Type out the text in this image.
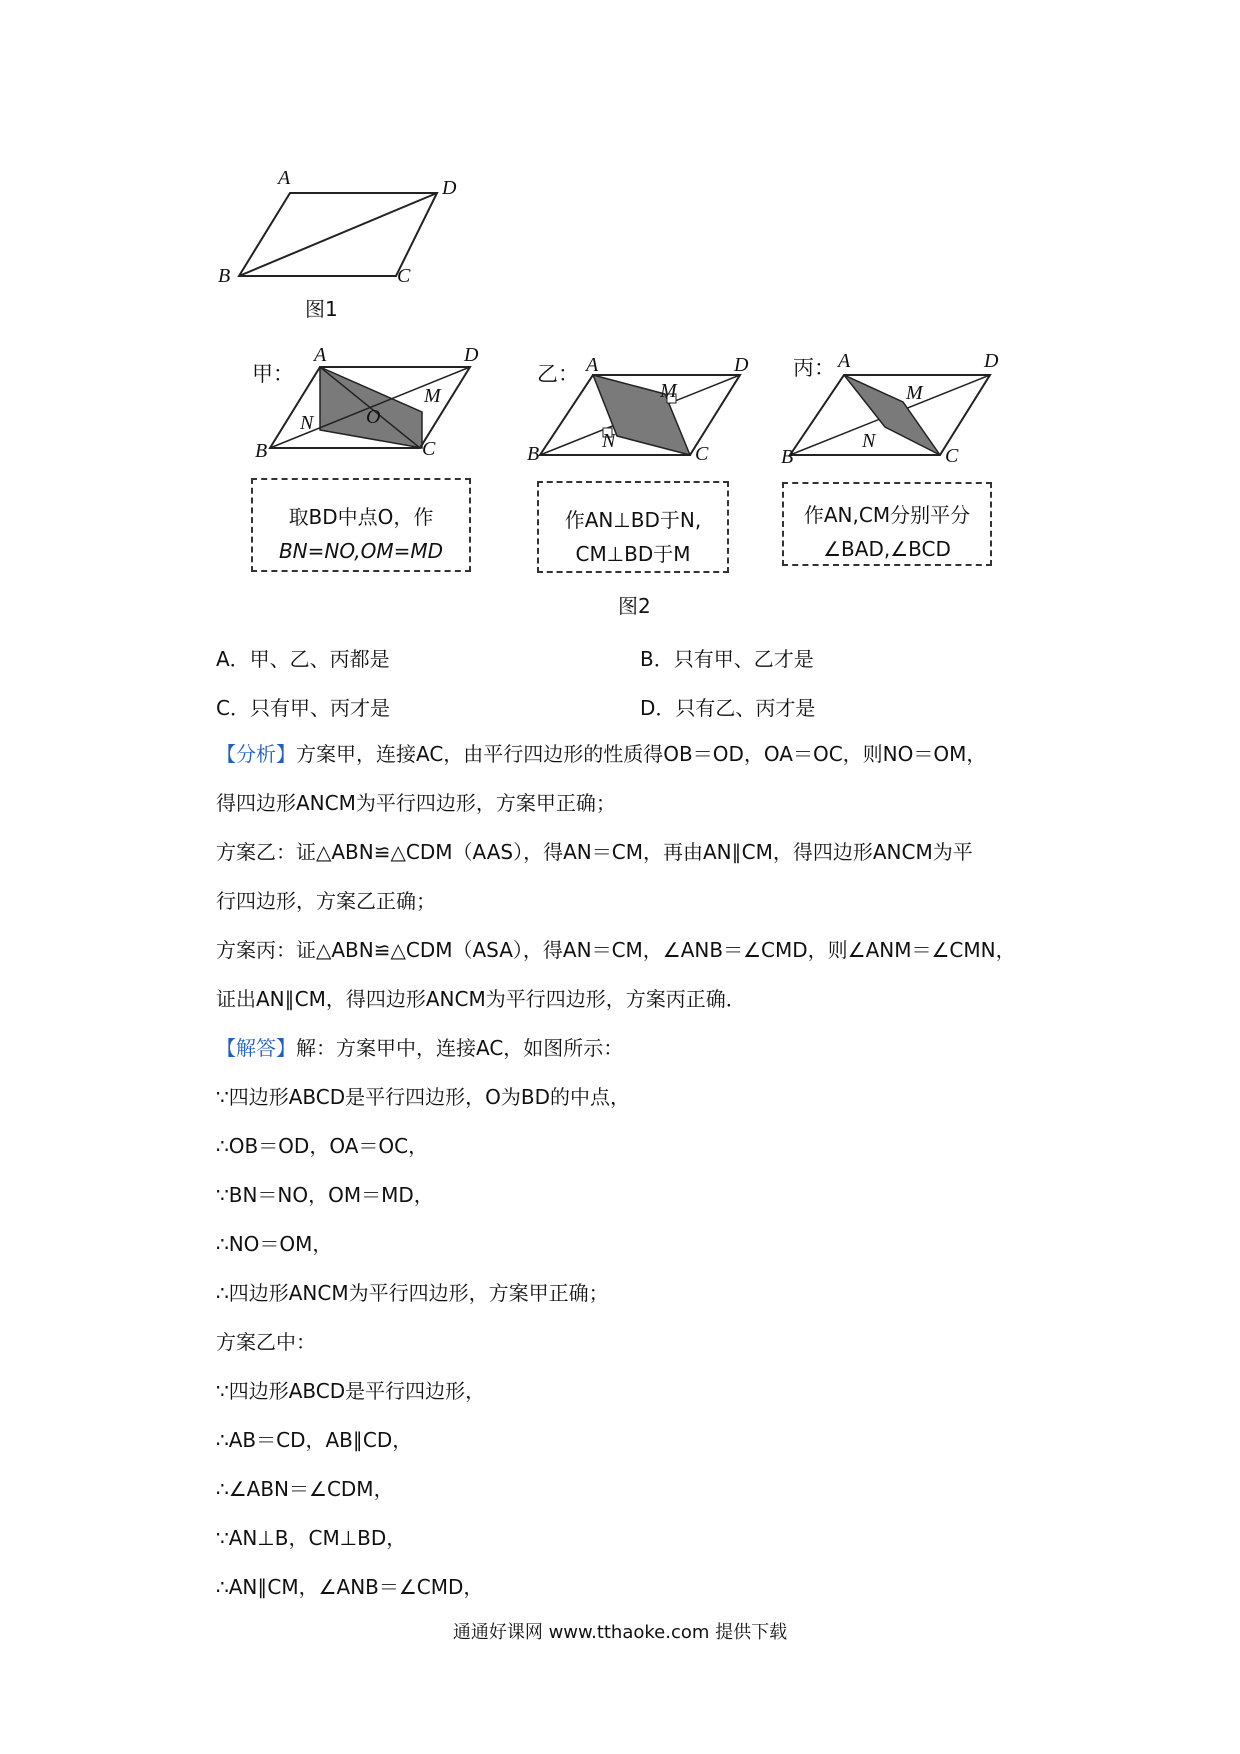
A	D
B	C
图1
甲：
A	D
M
N	O
B	C
乙： A	D
M
N
B	C
丙： A	D
M
N
B	C
取BD中点O，作
BN=NO,OM=MD
作AN⊥BD于N,
CM⊥BD于M
作AN,CM分别平分
∠BAD,∠BCD
图2
A．甲、乙、丙都是	B．只有甲、乙才是
C．只有甲、丙才是	D．只有乙、丙才是
【分析】方案甲，连接AC，由平行四边形的性质得OB＝OD，OA＝OC，则NO＝OM，
得四边形ANCM为平行四边形，方案甲正确；
方案乙：证△ABN≌△CDM（AAS），得AN＝CM，再由AN∥CM，得四边形ANCM为平
行四边形，方案乙正确；
方案丙：证△ABN≌△CDM（ASA），得AN＝CM，∠ANB＝∠CMD，则∠ANM＝∠CMN，
证出AN∥CM，得四边形ANCM为平行四边形，方案丙正确．
【解答】解：方案甲中，连接AC，如图所示：
∵四边形ABCD是平行四边形，O为BD的中点，
∴OB＝OD，OA＝OC，
∵BN＝NO，OM＝MD，
∴NO＝OM，
∴四边形ANCM为平行四边形，方案甲正确；
方案乙中：
∵四边形ABCD是平行四边形，
∴AB＝CD，AB∥CD，
∴∠ABN＝∠CDM，
∵AN⊥B，CM⊥BD，
∴AN∥CM，∠ANB＝∠CMD，
通通好课网 www.tthaoke.com 提供下载
